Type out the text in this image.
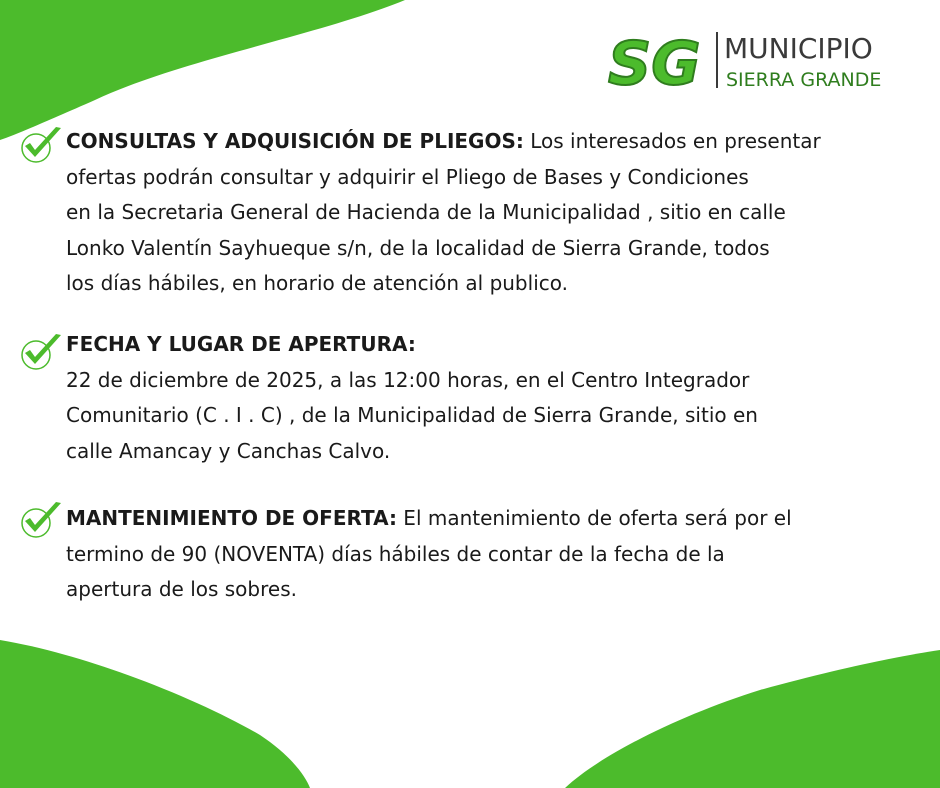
SG MUNICIPIO
SIERRA GRANDE
CONSULTAS Y ADQUISICIÓN DE PLIEGOS: Los interesados en presentar
ofertas podrán consultar y adquirir el Pliego de Bases y Condiciones
en la Secretaria General de Hacienda de la Municipalidad , sitio en calle
Lonko Valentín Sayhueque s/n, de la localidad de Sierra Grande, todos
los días hábiles, en horario de atención al publico.
FECHA Y LUGAR DE APERTURA:
22 de diciembre de 2025, a las 12:00 horas, en el Centro Integrador
Comunitario (C . I . C) , de la Municipalidad de Sierra Grande, sitio en
calle Amancay y Canchas Calvo.
MANTENIMIENTO DE OFERTA: El mantenimiento de oferta será por el
termino de 90 (NOVENTA) días hábiles de contar de la fecha de la
apertura de los sobres.
